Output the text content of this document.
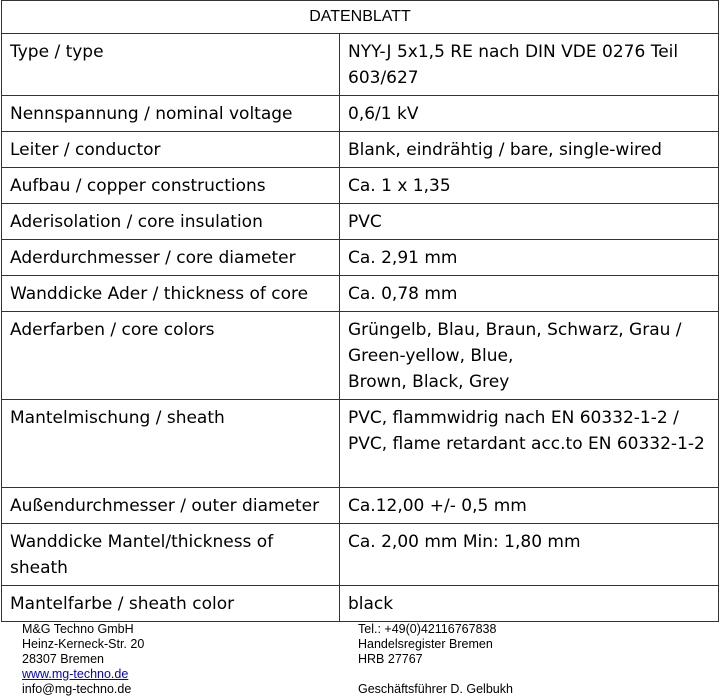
DATENBLATT	
Type / type	NYY-J 5x1,5 RE nach DIN VDE 0276 Teil 603/627
Nennspannung / nominal voltage	0,6/1 kV
Leiter / conductor	Blank, eindrähtig / bare, single-wired
Aufbau / copper constructions	Ca. 1 x 1,35
Aderisolation / core insulation	PVC
Aderdurchmesser / core diameter	Ca. 2,91 mm
Wanddicke Ader / thickness of core	Ca. 0,78 mm
Aderfarben / core colors	Grüngelb, Blau, Braun, Schwarz, Grau / Green-yellow, Blue,
Brown, Black, Grey

Mantelmischung / sheath	PVC, flammwidrig nach EN 60332-1-2 /
PVC, flame retardant acc.to EN 60332-1-2

Außendurchmesser / outer diameter	Ca.12,00 +/- 0,5 mm
Wanddicke Mantel/thickness of sheath	Ca. 2,00 mm Min: 1,80 mm
Mantelfarbe / sheath color	black
M&G Techno GmbH
Heinz-Kerneck-Str. 20
28307 Bremen
www.mg-techno.de
info@mg-techno.de
Tel.: +49(0)42116767838
Handelsregister Bremen
HRB 27767
Geschäftsführer D. Gelbukh
